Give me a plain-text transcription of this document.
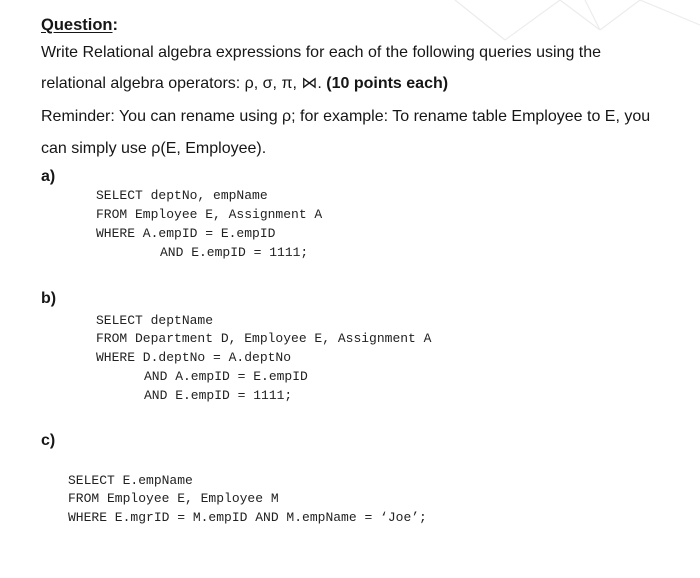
Question:
Write Relational algebra expressions for each of the following queries using the
relational algebra operators: ρ, σ, π, ⋈. (10 points each)
Reminder: You can rename using ρ; for example: To rename table Employee to E, you
can simply use ρ(E, Employee).
a)
SELECT deptNo, empName
FROM Employee E, Assignment A
WHERE A.empID = E.empID
AND E.empID = 1111;
b)
SELECT deptName
FROM Department D, Employee E, Assignment A
WHERE D.deptNo = A.deptNo
AND A.empID = E.empID
AND E.empID = 1111;
c)
SELECT E.empName
FROM Employee E, Employee M
WHERE E.mgrID = M.empID AND M.empName = ‘Joe’;
